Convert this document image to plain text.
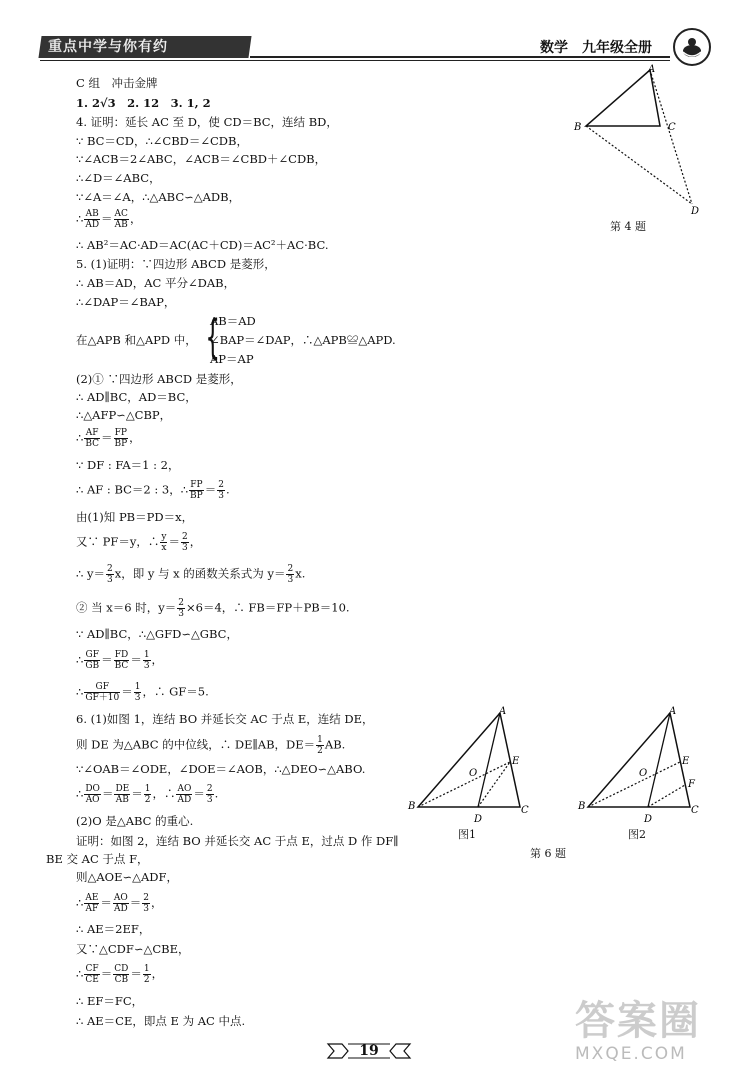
重点中学与你有约	数学　 九年级全册
A
B	C
D
第 4 题
A
B	C
D
E
O
A
B	C
D
E
F
O
图1	图2
第 6 题
C 组　冲击金牌
1. 2√3　2. 12　3. 1, 2
4. 证明：延长 AC 至 D，使 CD＝BC，连结 BD，
∵ BC＝CD，∴∠CBD＝∠CDB，
∵∠ACB＝2∠ABC，∠ACB＝∠CBD＋∠CDB，
∴∠D＝∠ABC，
∵∠A＝∠A，∴△ABC∽△ADB，
∴ $\frac{AB}{AD} = \frac{AC}{AB}$ ，
∴ AB²＝AC·AD＝AC(AC＋CD)＝AC²＋AC·BC.
5. (1)证明：∵四边形 ABCD 是菱形，
∴ AB＝AD，AC 平分∠DAB，
∴∠DAP＝∠BAP，
在△APB 和△APD 中， {
AB＝AD
∠BAP＝∠DAP，∴△APB≌△APD.
AP＝AP
(2)① ∵四边形 ABCD 是菱形，
∴ AD∥BC，AD＝BC，
∴△AFP∽△CBP，
∴ $\frac{AF}{BC} = \frac{FP}{BP}$ ，
∵ DF : FA＝1 : 2，
∴ AF : BC＝2 : 3，∴ $\frac{FP}{BP} = \frac{2}{3}$ .
由(1)知 PB＝PD＝x，
又∵ PF＝y，∴ $\frac{y}{x} = \frac{2}{3}$ ，
∴ $y= \frac{2}{3}$ x，即 y 与 x 的函数关系式为 $y= \frac{2}{3} x$.
② 当 x＝6 时，$y= \frac{2}{3} \times 6=4$，∴ FB＝FP＋PB＝10.
∵ AD∥BC，∴△GFD∽△GBC，
∴ $\frac{GF}{GB} = \frac{FD}{BC} = \frac{1}{3}$ ，
∴ $\frac{GF}{GF+10} = \frac{1}{3}$ ，∴ GF＝5.
6. (1)如图 1，连结 BO 并延长交 AC 于点 E，连结 DE，
则 DE 为△ABC 的中位线，∴ DE∥AB，$DE= \frac{1}{2}$ AB.
∵∠OAB＝∠ODE，∠DOE＝∠AOB，∴△DEO∽△ABO.
∴ $\frac{DO}{AO} = \frac{DE}{AB} = \frac{1}{2}$ ，∴ $\frac{AO}{AD} = \frac{2}{3}$ .
(2)O 是△ABC 的重心.
证明：如图 2，连结 BO 并延长交 AC 于点 E，过点 D 作 DF∥
BE 交 AC 于点 F，
则△AOE∽△ADF，
∴ $\frac{AE}{AF} = \frac{AO}{AD} = \frac{2}{3}$ ，
∴ AE＝2EF，
又∵△CDF∽△CBE，
∴ $\frac{CF}{CE} = \frac{CD}{CB} = \frac{1}{2}$ ，
∴ EF＝FC，
∴ AE＝CE，即点 E 为 AC 中点.
19
答案圈
MXQE.COM
